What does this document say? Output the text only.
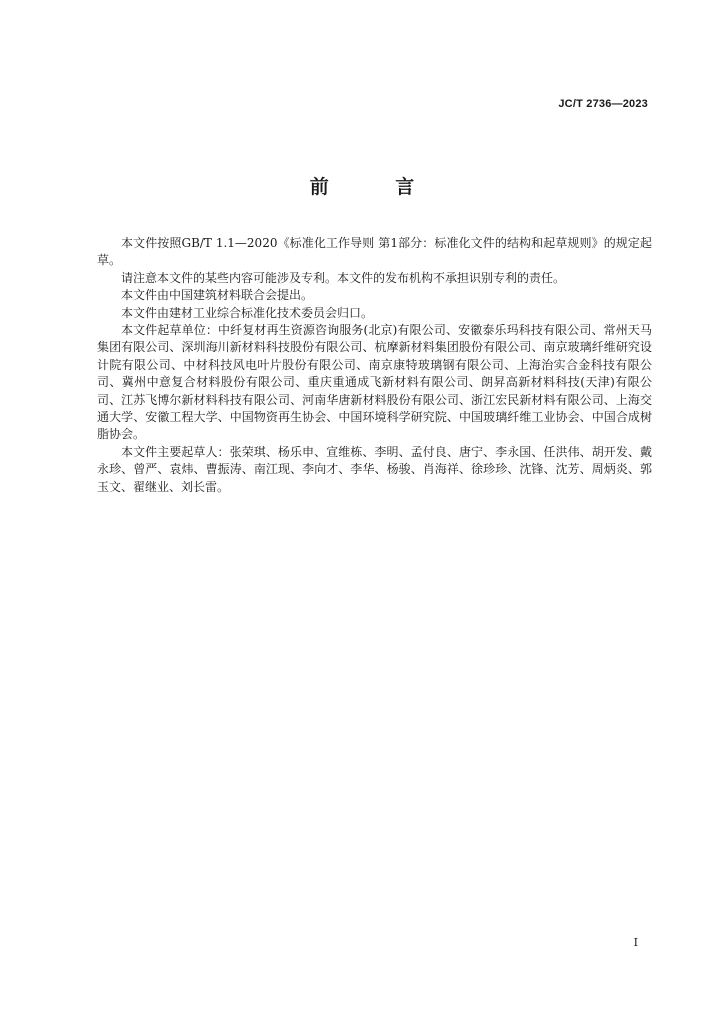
JC/T 2736—2023
前 言

本文件按照GB/T 1.1—2020《标准化工作导则 第1部分：标准化文件的结构和起草规则》的规定起草。

请注意本文件的某些内容可能涉及专利。本文件的发布机构不承担识别专利的责任。

本文件由中国建筑材料联合会提出。

本文件由建材工业综合标准化技术委员会归口。

本文件起草单位：中纤复材再生资源咨询服务(北京)有限公司、安徽泰乐玛科技有限公司、常州天马集团有限公司、深圳海川新材料科技股份有限公司、杭摩新材料集团股份有限公司、南京玻璃纤维研究设计院有限公司、中材科技风电叶片股份有限公司、南京康特玻璃钢有限公司、上海治实合金科技有限公司、冀州中意复合材料股份有限公司、重庆重通成飞新材料有限公司、朗昇高新材料科技(天津)有限公司、江苏飞博尔新材料科技有限公司、河南华唐新材料股份有限公司、浙江宏民新材料有限公司、上海交通大学、安徽工程大学、中国物资再生协会、中国环境科学研究院、中国玻璃纤维工业协会、中国合成树脂协会。

本文件主要起草人：张荣琪、杨乐申、宣维栋、李明、孟付良、唐宁、李永国、任洪伟、胡开发、戴永珍、曾严、袁炜、曹振涛、南江现、李向才、李华、杨骏、肖海祥、徐珍珍、沈锋、沈芳、周炳炎、郭玉文、翟继业、刘长雷。

I
